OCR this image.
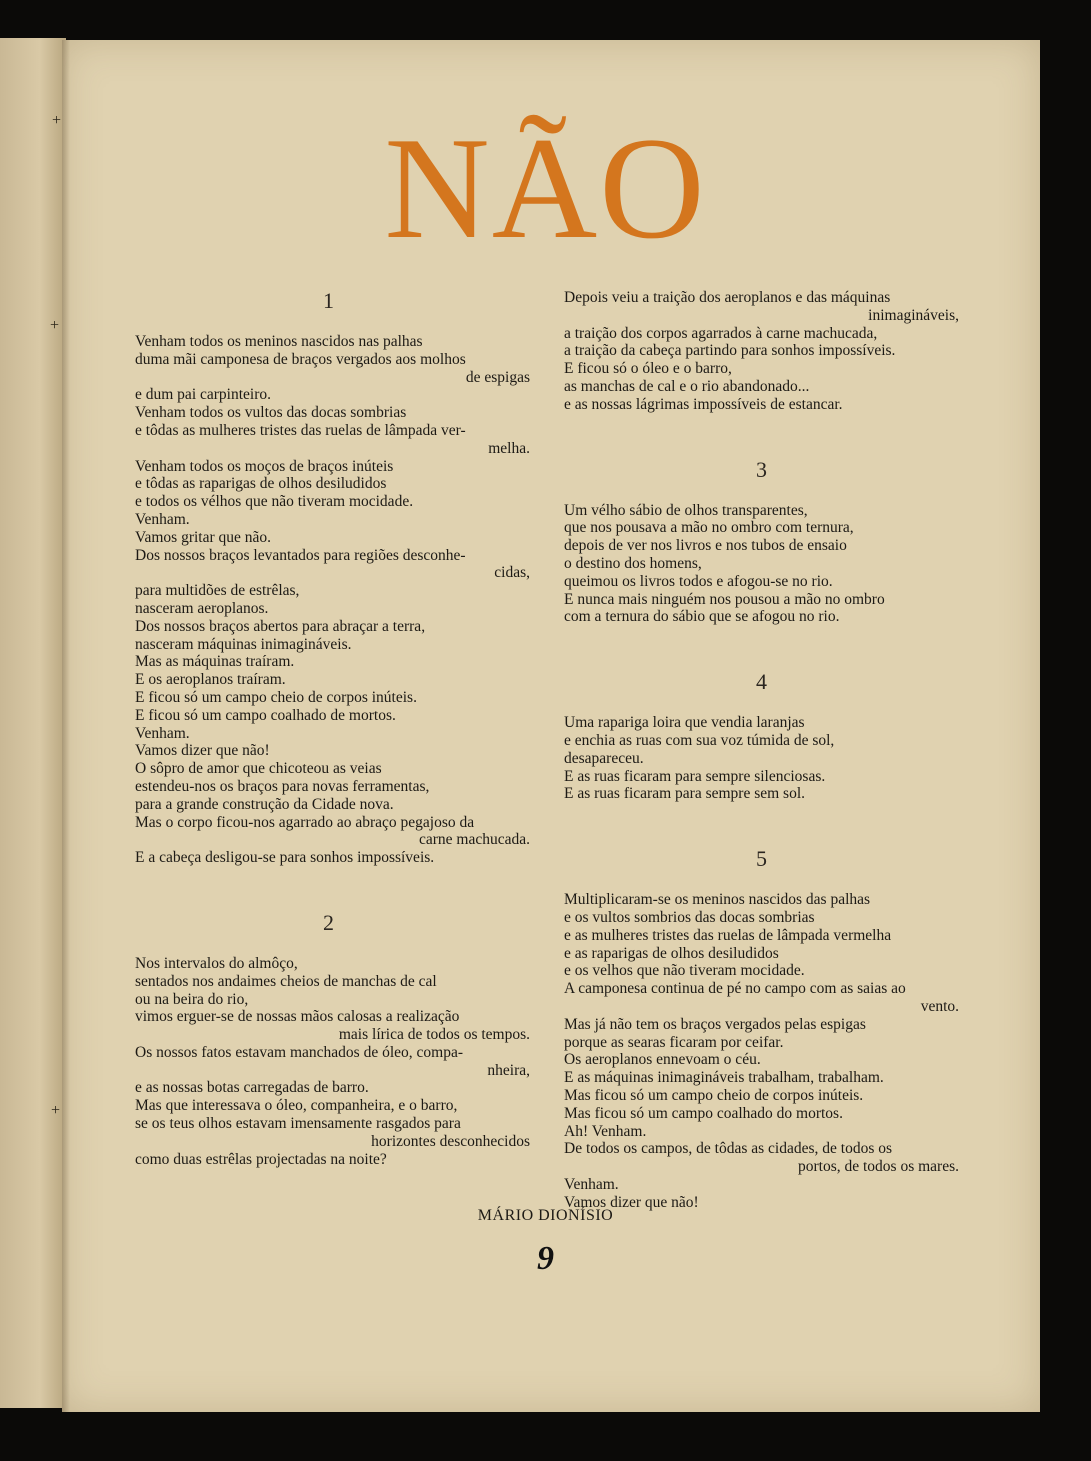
+
+
+
NÃO
1
Venham todos os meninos nascidos nas palhas
duma mãi camponesa de braços vergados aos molhos
de espigas
e dum pai carpinteiro.
Venham todos os vultos das docas sombrias
e tôdas as mulheres tristes das ruelas de lâmpada ver-
melha.
Venham todos os moços de braços inúteis
e tôdas as raparigas de olhos desiludidos
e todos os vélhos que não tiveram mocidade.
Venham.
Vamos gritar que não.
Dos nossos braços levantados para regiões desconhe-
cidas,
para multidões de estrêlas,
nasceram aeroplanos.
Dos nossos braços abertos para abraçar a terra,
nasceram máquinas inimagináveis.
Mas as máquinas traíram.
E os aeroplanos traíram.
E ficou só um campo cheio de corpos inúteis.
E ficou só um campo coalhado de mortos.
Venham.
Vamos dizer que não!
O sôpro de amor que chicoteou as veias
estendeu-nos os braços para novas ferramentas,
para a grande construção da Cidade nova.
Mas o corpo ficou-nos agarrado ao abraço pegajoso da
carne machucada.
E a cabeça desligou-se para sonhos impossíveis.
2
Nos intervalos do almôço,
sentados nos andaimes cheios de manchas de cal
ou na beira do rio,
vimos erguer-se de nossas mãos calosas a realização
mais lírica de todos os tempos.
Os nossos fatos estavam manchados de óleo, compa-
nheira,
e as nossas botas carregadas de barro.
Mas que interessava o óleo, companheira, e o barro,
se os teus olhos estavam imensamente rasgados para
horizontes desconhecidos
como duas estrêlas projectadas na noite?
Depois veiu a traição dos aeroplanos e das máquinas
inimagináveis,
a traição dos corpos agarrados à carne machucada,
a traição da cabeça partindo para sonhos impossíveis.
E ficou só o óleo e o barro,
as manchas de cal e o rio abandonado...
e as nossas lágrimas impossíveis de estancar.
3
Um vélho sábio de olhos transparentes,
que nos pousava a mão no ombro com ternura,
depois de ver nos livros e nos tubos de ensaio
o destino dos homens,
queimou os livros todos e afogou-se no rio.
E nunca mais ninguém nos pousou a mão no ombro
com a ternura do sábio que se afogou no rio.
4
Uma rapariga loira que vendia laranjas
e enchia as ruas com sua voz túmida de sol,
desapareceu.
E as ruas ficaram para sempre silenciosas.
E as ruas ficaram para sempre sem sol.
5
Multiplicaram-se os meninos nascidos das palhas
e os vultos sombrios das docas sombrias
e as mulheres tristes das ruelas de lâmpada vermelha
e as raparigas de olhos desiludidos
e os velhos que não tiveram mocidade.
A camponesa continua de pé no campo com as saias ao
vento.
Mas já não tem os braços vergados pelas espigas
porque as searas ficaram por ceifar.
Os aeroplanos ennevoam o céu.
E as máquinas inimagináveis trabalham, trabalham.
Mas ficou só um campo cheio de corpos inúteis.
Mas ficou só um campo coalhado do mortos.
Ah! Venham.
De todos os campos, de tôdas as cidades, de todos os
portos, de todos os mares.
Venham.
Vamos dizer que não!
MÁRIO DIONÍSIO
9
